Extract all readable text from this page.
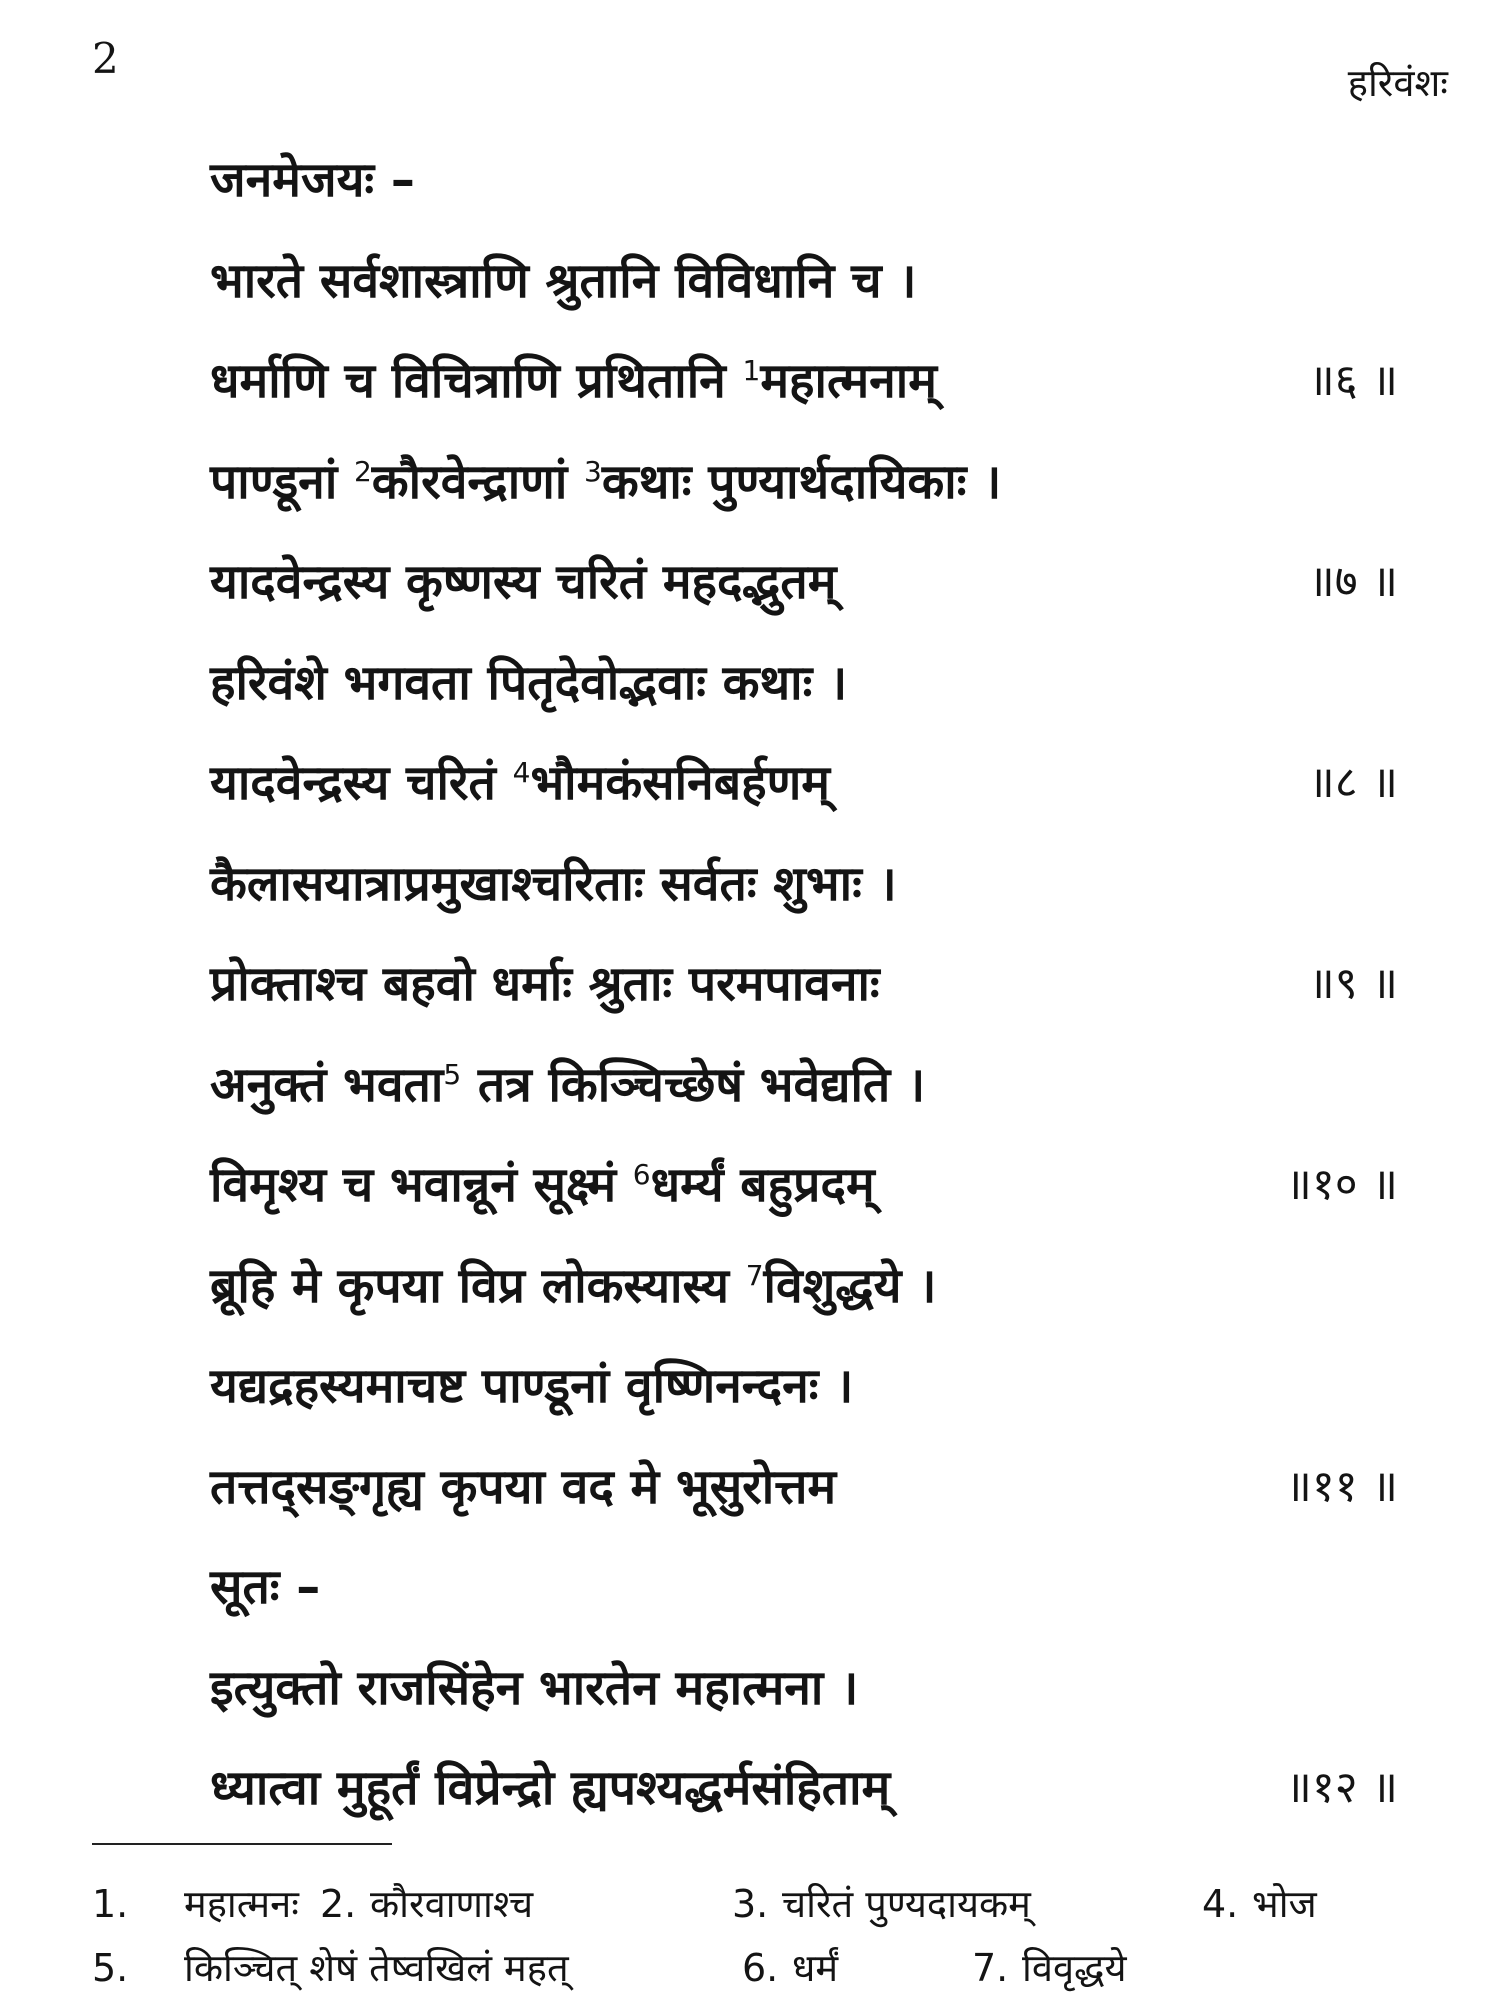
2	हरिवंशः
जनमेजयः –
भारते सर्वशास्त्राणि श्रुतानि विविधानि च ।
धर्माणि च विचित्राणि प्रथितानि $^1$महात्मनाम्	॥६ ॥
पाण्डूनां $^2$कौरवेन्द्राणां $^3$कथाः पुण्यार्थदायिकाः ।
यादवेन्द्रस्य कृष्णस्य चरितं महदद्भुतम्	॥७ ॥
हरिवंशे भगवता पितृदेवोद्भवाः कथाः ।
यादवेन्द्रस्य चरितं $^4$भौमकंसनिबर्हणम्	॥८ ॥
कैलासयात्राप्रमुखाश्चरिताः सर्वतः शुभाः ।
प्रोक्ताश्च बहवो धर्माः श्रुताः परमपावनाः	॥९ ॥
अनुक्तं भवता$^5$ तत्र किञ्चिच्छेषं भवेद्यति ।
विमृश्य च भवान्नूनं सूक्ष्मं $^6$धर्म्यं बहुप्रदम्	॥१० ॥
ब्रूहि मे कृपया विप्र लोकस्यास्य $^7$विशुद्धये ।
यद्यद्रहस्यमाचष्ट पाण्डूनां वृष्णिनन्दनः ।
तत्तद्सङ्गृह्य कृपया वद मे भूसुरोत्तम	॥११ ॥
सूतः –
इत्युक्तो राजसिंहेन भारतेन महात्मना ।
ध्यात्वा मुहूर्तं विप्रेन्द्रो ह्यपश्यद्धर्मसंहिताम्	॥१२ ॥
1. महात्मनः 2. कौरवाणाश्च	3. चरितं पुण्यदायकम्	4. भोज
5. किञ्चित् शेषं तेष्वखिलं महत्	6. धर्मं	7. विवृद्धये
